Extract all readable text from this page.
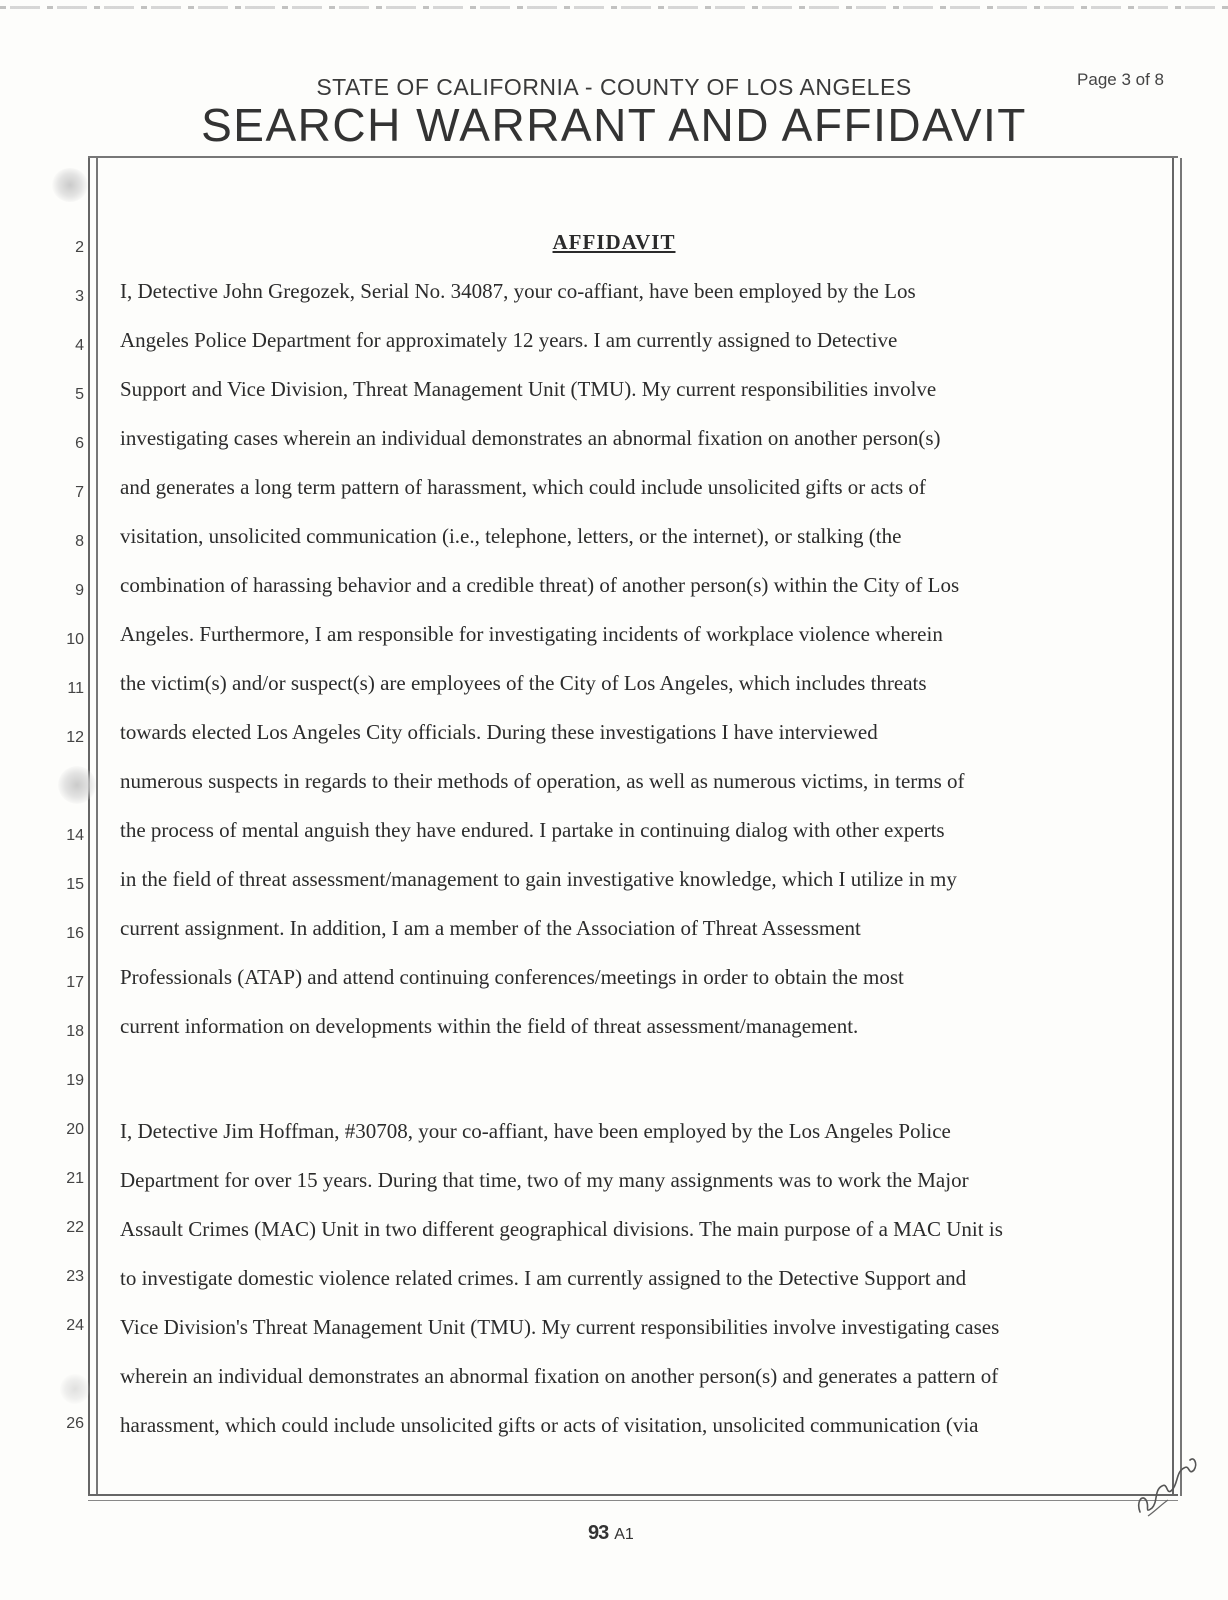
STATE OF CALIFORNIA - COUNTY OF LOS ANGELES
SEARCH WARRANT AND AFFIDAVIT
Page 3 of 8
AFFIDAVIT
2
3 I, Detective John Gregozek, Serial No. 34087, your co-affiant, have been employed by the Los
4 Angeles Police Department for approximately 12 years. I am currently assigned to Detective
5 Support and Vice Division, Threat Management Unit (TMU). My current responsibilities involve
6 investigating cases wherein an individual demonstrates an abnormal fixation on another person(s)
7 and generates a long term pattern of harassment, which could include unsolicited gifts or acts of
8 visitation, unsolicited communication (i.e., telephone, letters, or the internet), or stalking (the
9 combination of harassing behavior and a credible threat) of another person(s) within the City of Los
10 Angeles. Furthermore, I am responsible for investigating incidents of workplace violence wherein
11 the victim(s) and/or suspect(s) are employees of the City of Los Angeles, which includes threats
12 towards elected Los Angeles City officials. During these investigations I have interviewed
numerous suspects in regards to their methods of operation, as well as numerous victims, in terms of
14 the process of mental anguish they have endured. I partake in continuing dialog with other experts
15 in the field of threat assessment/management to gain investigative knowledge, which I utilize in my
16 current assignment. In addition, I am a member of the Association of Threat Assessment
17 Professionals (ATAP) and attend continuing conferences/meetings in order to obtain the most
18 current information on developments within the field of threat assessment/management.
19
20 I, Detective Jim Hoffman, #30708, your co-affiant, have been employed by the Los Angeles Police
21 Department for over 15 years. During that time, two of my many assignments was to work the Major
22 Assault Crimes (MAC) Unit in two different geographical divisions. The main purpose of a MAC Unit is
23 to investigate domestic violence related crimes. I am currently assigned to the Detective Support and
24 Vice Division's Threat Management Unit (TMU). My current responsibilities involve investigating cases
wherein an individual demonstrates an abnormal fixation on another person(s) and generates a pattern of
26 harassment, which could include unsolicited gifts or acts of visitation, unsolicited communication (via
93 A1
